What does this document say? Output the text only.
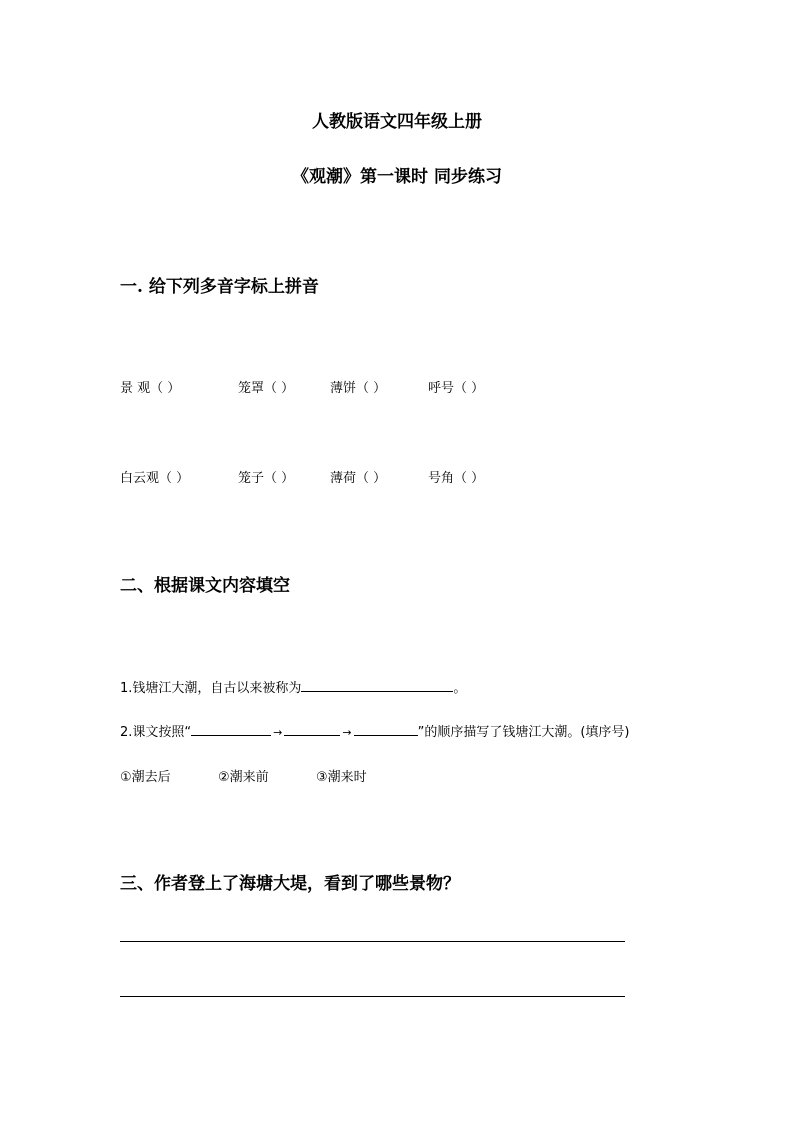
人教版语文四年级上册
《观潮》第一课时 同步练习
一. 给下列多音字标上拼音
景 观（ ）	笼罩（ ）	薄饼（ ）	呼号（ ）
白云观（ ）	笼子（ ）	薄荷（ ）	号角（ ）
二、根据课文内容填空
1.钱塘江大潮，自古以来被称为	。
2.课文按照“	→	→	”的顺序描写了钱塘江大潮。(填序号)
①潮去后	②潮来前	③潮来时
三、作者登上了海塘大堤，看到了哪些景物？
